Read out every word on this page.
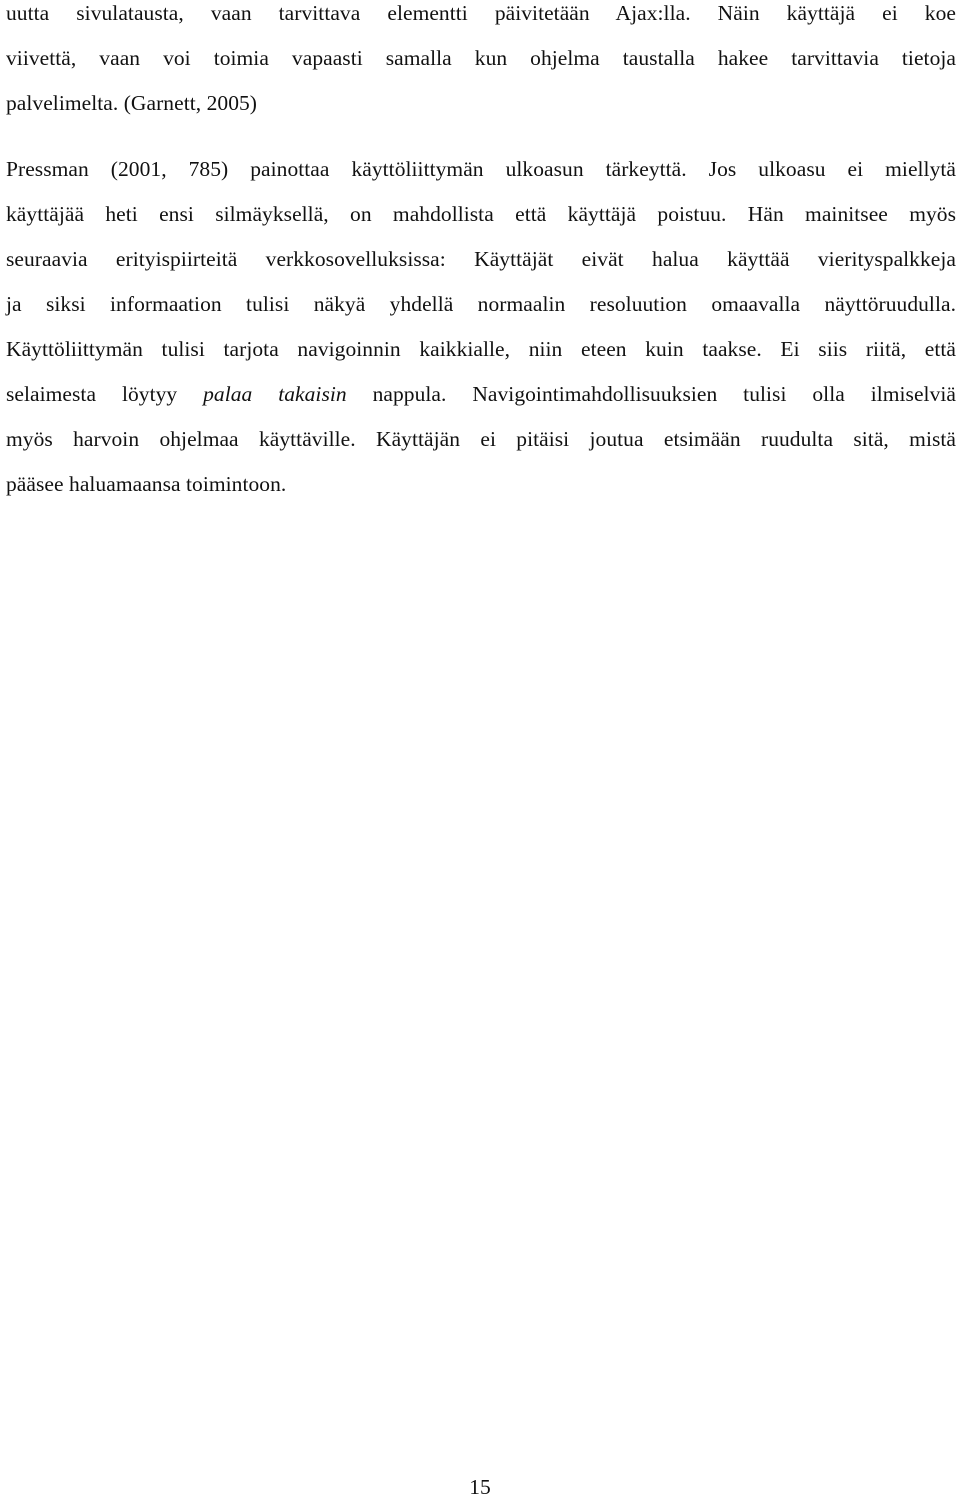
uutta sivulatausta, vaan tarvittava elementti päivitetään Ajax:lla. Näin käyttäjä ei koe
viivettä, vaan voi toimia vapaasti samalla kun ohjelma taustalla hakee tarvittavia tietoja
palvelimelta. (Garnett, 2005)
Pressman (2001, 785) painottaa käyttöliittymän ulkoasun tärkeyttä. Jos ulkoasu ei miellytä
käyttäjää heti ensi silmäyksellä, on mahdollista että käyttäjä poistuu. Hän mainitsee myös
seuraavia erityispiirteitä verkkosovelluksissa: Käyttäjät eivät halua käyttää vierityspalkkeja
ja siksi informaation tulisi näkyä yhdellä normaalin resoluution omaavalla näyttöruudulla.
Käyttöliittymän tulisi tarjota navigoinnin kaikkialle, niin eteen kuin taakse. Ei siis riitä, että
selaimesta löytyy palaa takaisin nappula. Navigointimahdollisuuksien tulisi olla ilmiselviä
myös harvoin ohjelmaa käyttäville. Käyttäjän ei pitäisi joutua etsimään ruudulta sitä, mistä
pääsee haluamaansa toimintoon.
15
